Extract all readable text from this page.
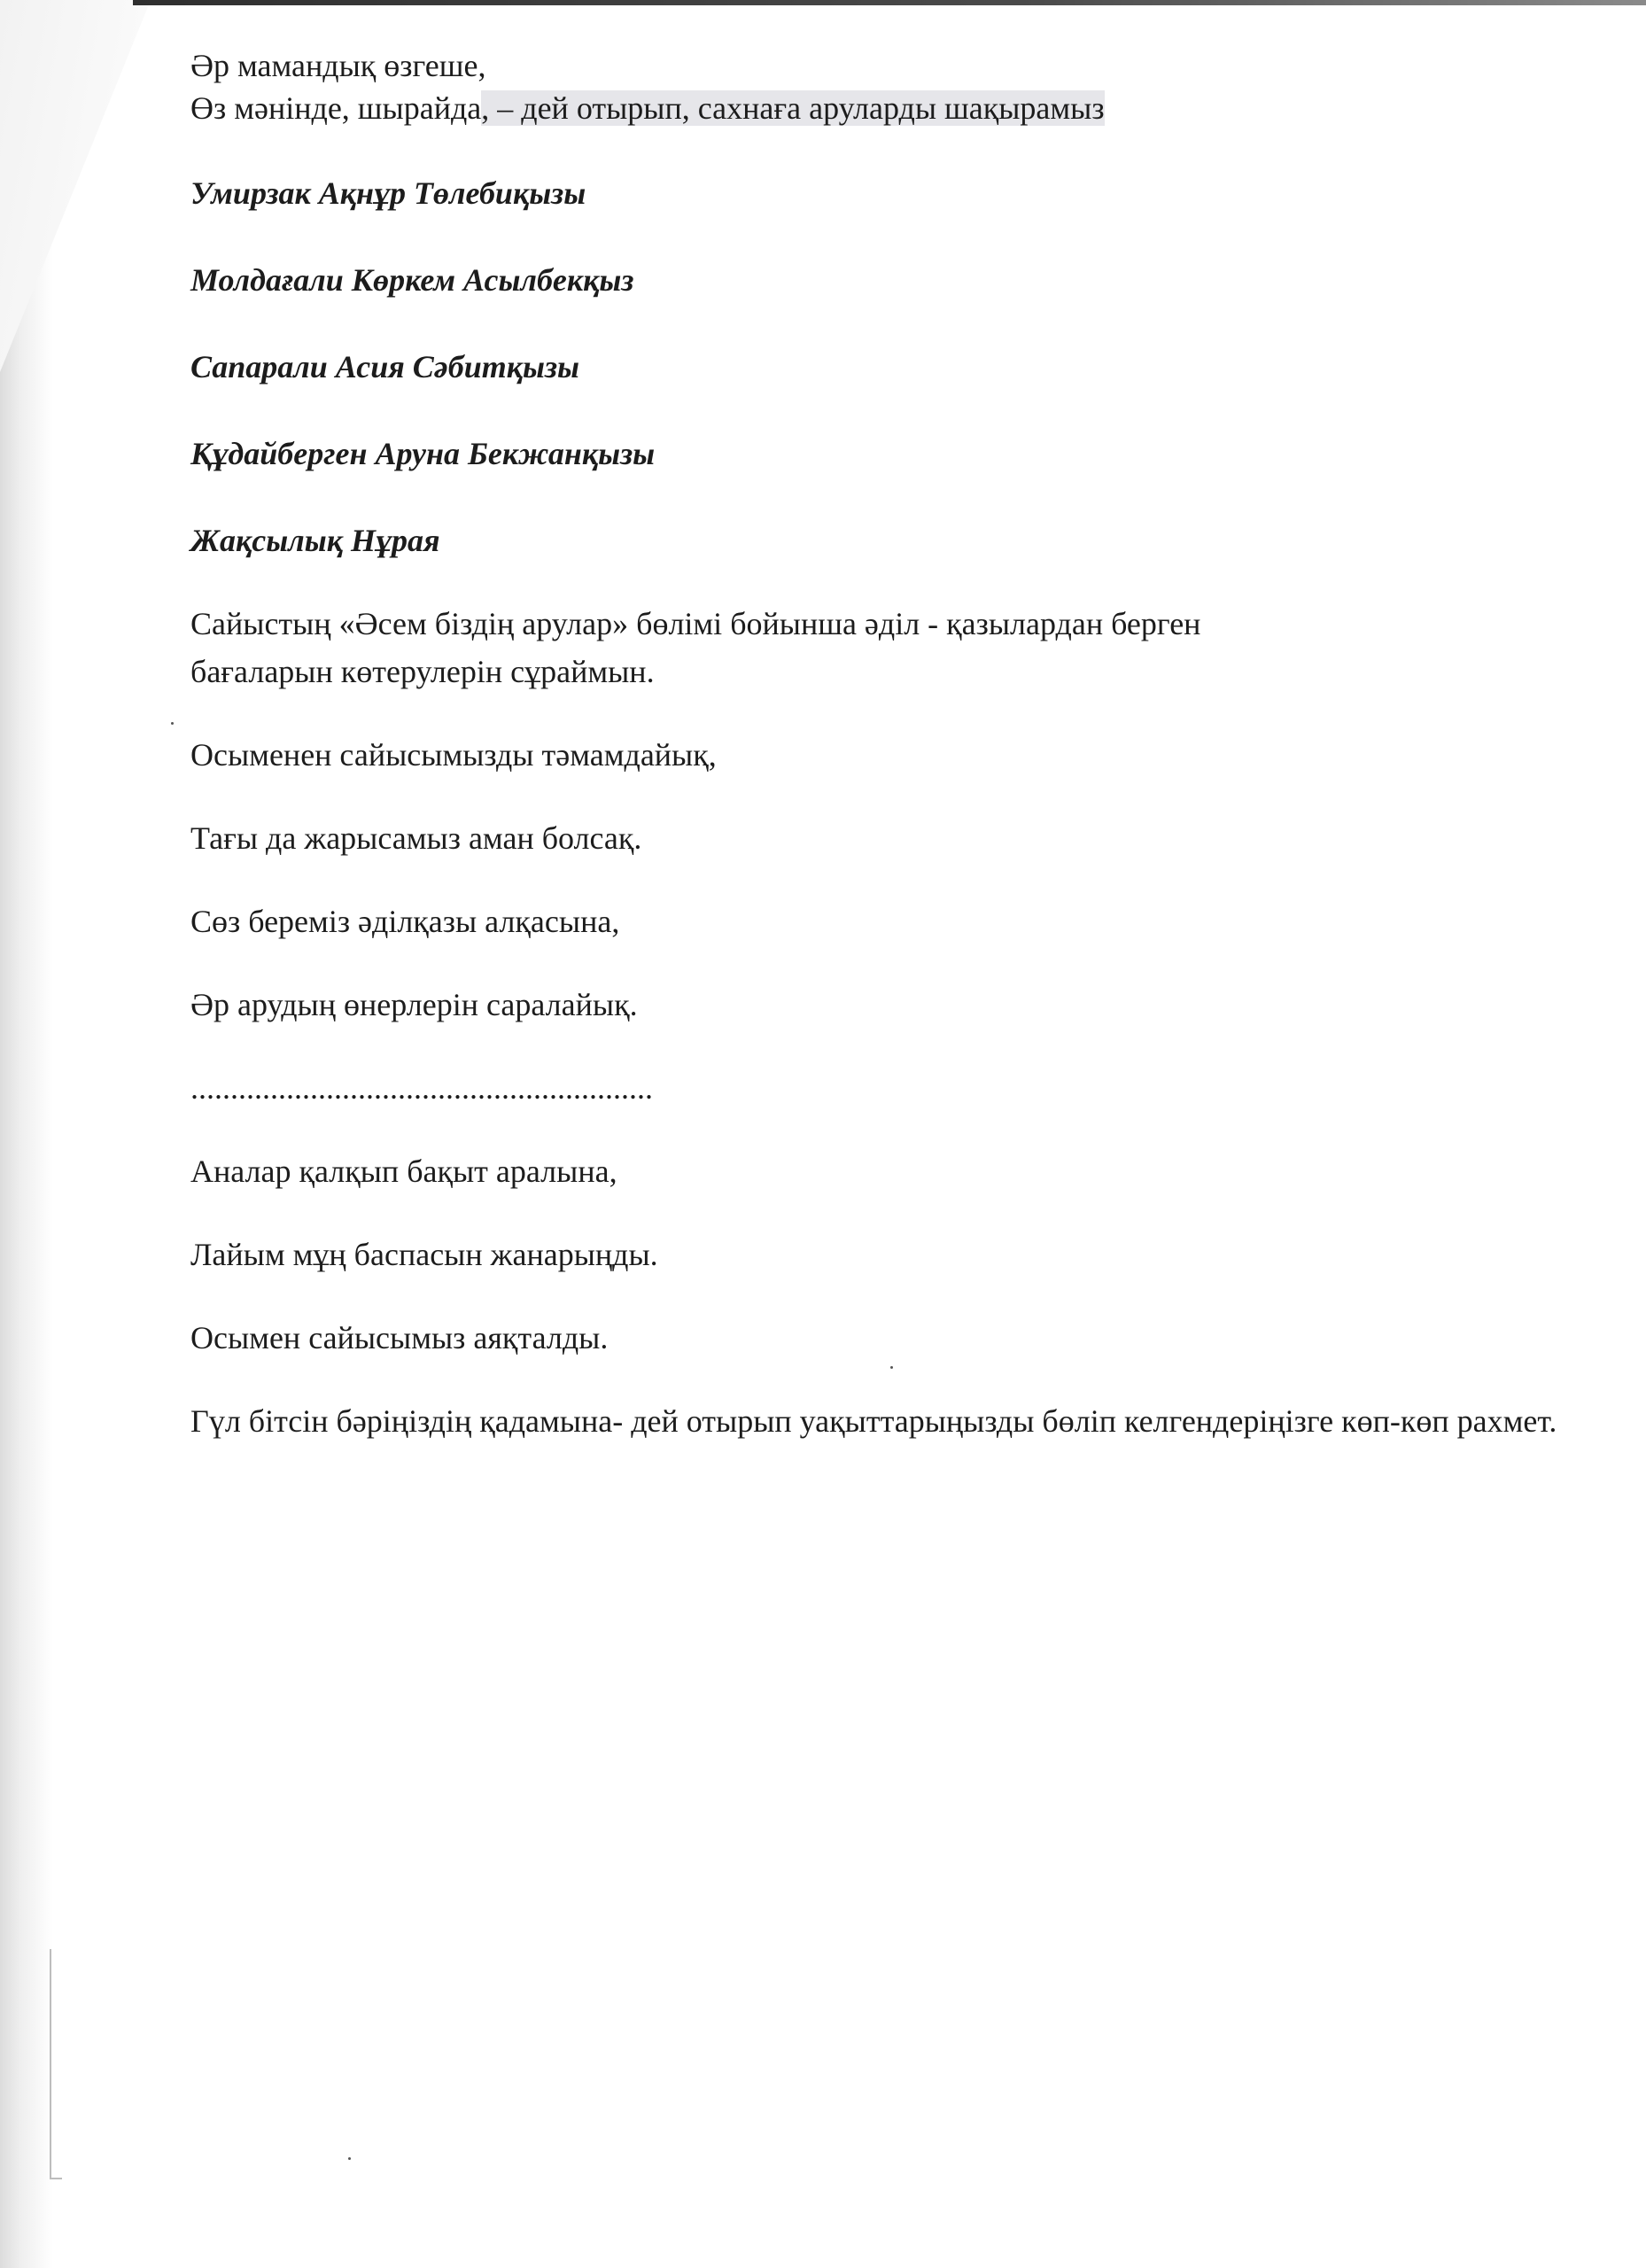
Әр мамандық өзгеше,

Өз мәнінде, шырайда, – дей отырып, сахнаға аруларды шақырамыз

Умирзак Ақнұр Төлебиқызы

Молдағали Көркем Асылбекқыз

Сапарали Асия Сәбитқызы

Құдайберген Аруна Бекжанқызы

Жақсылық Нұрая

Сайыстың «Әсем біздің арулар» бөлімі бойынша әділ - қазылардан берген

бағаларын көтерулерін сұраймын.

Осыменен сайысымызды тәмамдайық,

Тағы да жарысамыз аман болсақ.

Сөз береміз әділқазы алқасына,

Әр арудың өнерлерін саралайық.

..........................................................

Аналар қалқып бақыт аралына,

Лайым мұң баспасын жанарыңды.

Осымен сайысымыз аяқталды.

Гүл бітсін бәріңіздің қадамына- дей отырып уақыттарыңызды бөліп келгендеріңізге көп-көп рахмет.
